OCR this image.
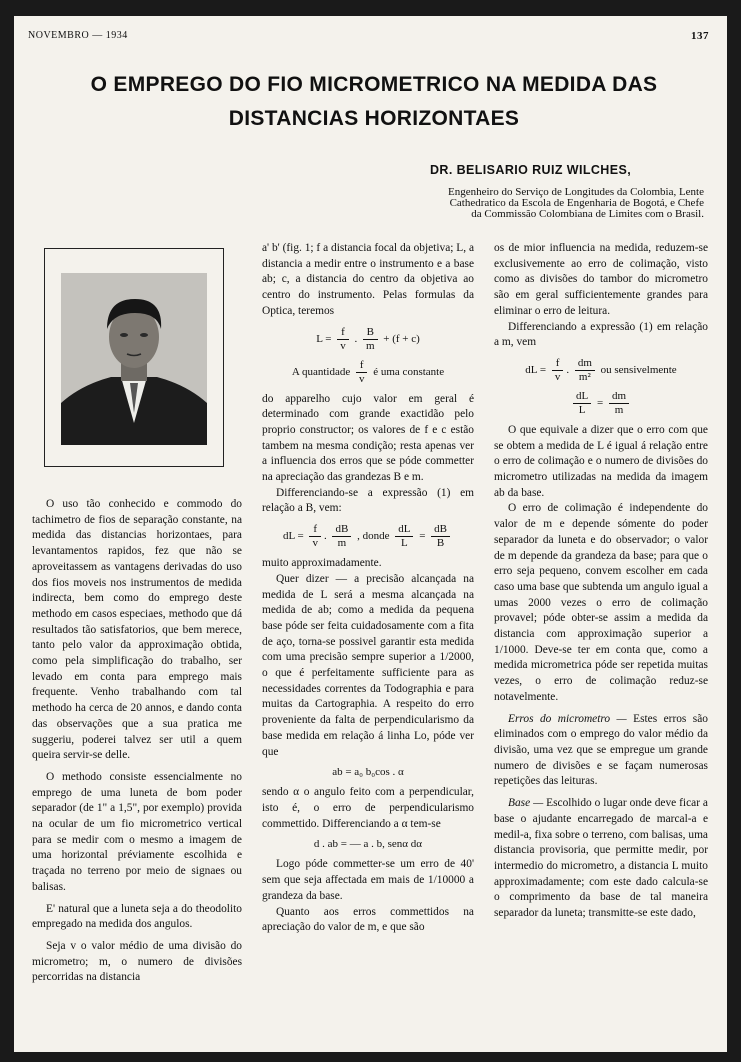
NOVEMBRO — 1934	137
O EMPREGO DO FIO MICROMETRICO NA MEDIDA DAS
DISTANCIAS HORIZONTAES
DR. BELISARIO RUIZ WILCHES,
Engenheiro do Serviço de Longitudes da Colombia, Lente
Cathedratico da Escola de Engenharia de Bogotá, e Chefe
da Commissão Colombiana de Limites com o Brasil.

O uso tão conhecido e commodo do tachimetro de fios de separação constante, na medida das distancias horizontaes, para levantamentos rapidos, fez que não se aproveitassem as vantagens derivadas do uso dos fios moveis nos instrumentos de medida indirecta, bem como do emprego deste methodo em casos especiaes, methodo que dá resultados tão satisfatorios, que bem merece, tanto pelo valor da approximação obtida, como pela simplificação do trabalho, ser levado em conta para emprego mais frequente. Venho trabalhando com tal methodo ha cerca de 20 annos, e dando conta das observações que a sua pratica me suggeriu, poderei talvez ser util a quem queira servir-se delle.

O methodo consiste essencialmente no emprego de uma luneta de bom poder separador (de 1" a 1,5", por exemplo) provida na ocular de um fio micrometrico vertical para se medir com o mesmo a imagem de uma horizontal préviamente escolhida e traçada no terreno por meio de signaes ou balisas.

E' natural que a luneta seja a do theodolito empregado na medida dos angulos.

Seja v o valor médio de uma divisão do micrometro; m, o numero de divisões percorridas na distancia

a' b' (fig. 1; f a distancia focal da objetiva; L, a distancia a medir entre o instrumento e a base ab; c, a distancia do centro da objetiva ao centro do instrumento. Pelas formulas da Optica, teremos

$L = \frac{f}{v}$ . $\frac{B}{m} + (f + c)$
A quantidade $\frac{f}{v}$ é uma constante

do apparelho cujo valor em geral é determinado com grande exactidão pelo proprio constructor; os valores de f e c estão tambem na mesma condição; resta apenas ver a influencia dos erros que se póde commetter na apreciação das grandezas B e m.

Differenciando-se a expressão (1) em relação a B, vem:

dL = $\frac{f}{v}$ . $\frac{dB}{m}$ , donde $\frac{dL}{L} = \frac{dB}{B}$

muito approximadamente.

Quer dizer — a precisão alcançada na medida de L será a mesma alcançada na medida de ab; como a medida da pequena base póde ser feita cuidadosamente com a fita de aço, torna-se possivel garantir esta medida com uma precisão sempre superior a 1/2000, o que é perfeitamente sufficiente para as necessidades correntes da Todographia e para muitas da Cartographia. A respeito do erro proveniente da falta de perpendicularismo da base medida em relação á linha Lo, póde ver que

ab = a₀ b₀cos . α

sendo α o angulo feito com a perpendicular, isto é, o erro de perpendicularismo commettido. Differenciando a α tem-se

d . ab = — a . b, senα dα

Logo póde commetter-se um erro de 40' sem que seja affectada em mais de 1/10000 a grandeza da base.

Quanto aos erros commettidos na apreciação do valor de m, e que são

os de mior influencia na medida, reduzem-se exclusivemente ao erro de colimação, visto como as divisões do tambor do micrometro são em geral sufficientemente grandes para eliminar o erro de leitura.

Differenciando a expressão (1) em relação a m, vem

dL = $\frac{f}{v}$ . $\frac{dm}{\text{m²}}$ ou sensivelmente
$\frac{dL}{L} = \frac{dm}{m}$

O que equivale a dizer que o erro com que se obtem a medida de L é igual á relação entre o erro de colimação e o numero de divisões do micrometro utilizadas na medida da imagem ab da base.

O erro de colimação é independente do valor de m e depende sómente do poder separador da luneta e do observador; o valor de m depende da grandeza da base; para que o erro seja pequeno, convem escolher em cada caso uma base que subtenda um angulo igual a umas 2000 vezes o erro de colimação provavel; póde obter-se assim a medida da distancia com approximação superior a 1/1000. Deve-se ter em conta que, como a medida micrometrica póde ser repetida muitas vezes, o erro de colimação reduz-se notavelmente.

Erros do micrometro — Estes erros são eliminados com o emprego do valor médio da divisão, uma vez que se empregue um grande numero de divisões e se façam numerosas repetições das leituras.

Base — Escolhido o lugar onde deve ficar a base o ajudante encarregado de marcal-a e medil-a, fixa sobre o terreno, com balisas, uma distancia provisoria, que permitte medir, por intermedio do micrometro, a distancia L muito approximadamente; com este dado calcula-se o comprimento da base de tal maneira separador da luneta; transmitte-se este dado,
